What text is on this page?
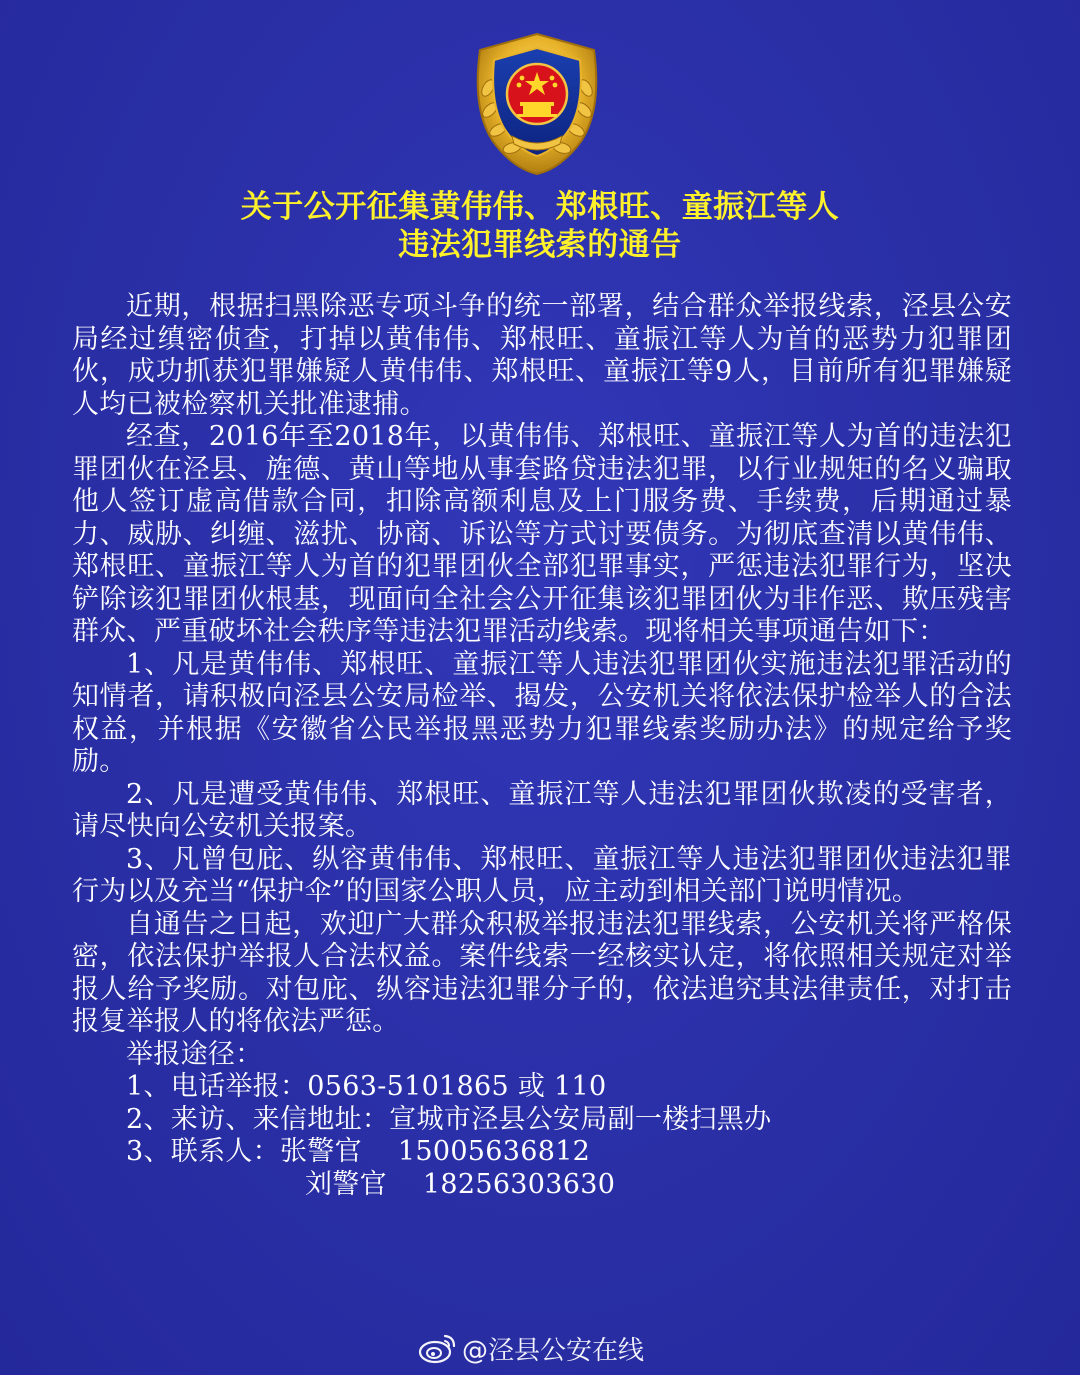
关于公开征集黄伟伟、郑根旺、童振江等人
违法犯罪线索的通告

近期，根据扫黑除恶专项斗争的统一部署，结合群众举报线索，泾县公安局经过缜密侦查，打掉以黄伟伟、郑根旺、童振江等人为首的恶势力犯罪团伙，成功抓获犯罪嫌疑人黄伟伟、郑根旺、童振江等9人，目前所有犯罪嫌疑人均已被检察机关批准逮捕。

经查，2016年至2018年，以黄伟伟、郑根旺、童振江等人为首的违法犯罪团伙在泾县、旌德、黄山等地从事套路贷违法犯罪，以行业规矩的名义骗取他人签订虚高借款合同，扣除高额利息及上门服务费、手续费，后期通过暴力、威胁、纠缠、滋扰、协商、诉讼等方式讨要债务。为彻底查清以黄伟伟、郑根旺、童振江等人为首的犯罪团伙全部犯罪事实，严惩违法犯罪行为，坚决铲除该犯罪团伙根基，现面向全社会公开征集该犯罪团伙为非作恶、欺压残害群众、严重破坏社会秩序等违法犯罪活动线索。现将相关事项通告如下：

1、凡是黄伟伟、郑根旺、童振江等人违法犯罪团伙实施违法犯罪活动的知情者，请积极向泾县公安局检举、揭发，公安机关将依法保护检举人的合法权益，并根据《安徽省公民举报黑恶势力犯罪线索奖励办法》的规定给予奖励。

2、凡是遭受黄伟伟、郑根旺、童振江等人违法犯罪团伙欺凌的受害者，请尽快向公安机关报案。

3、凡曾包庇、纵容黄伟伟、郑根旺、童振江等人违法犯罪团伙违法犯罪行为以及充当“保护伞”的国家公职人员，应主动到相关部门说明情况。

自通告之日起，欢迎广大群众积极举报违法犯罪线索，公安机关将严格保密，依法保护举报人合法权益。案件线索一经核实认定，将依照相关规定对举报人给予奖励。对包庇、纵容违法犯罪分子的，依法追究其法律责任，对打击报复举报人的将依法严惩。

举报途径：
1、电话举报：0563-5101865 或 110
2、来访、来信地址：宣城市泾县公安局副一楼扫黑办
3、联系人：张警官 15005636812
刘警官 18256303630
@泾县公安在线
